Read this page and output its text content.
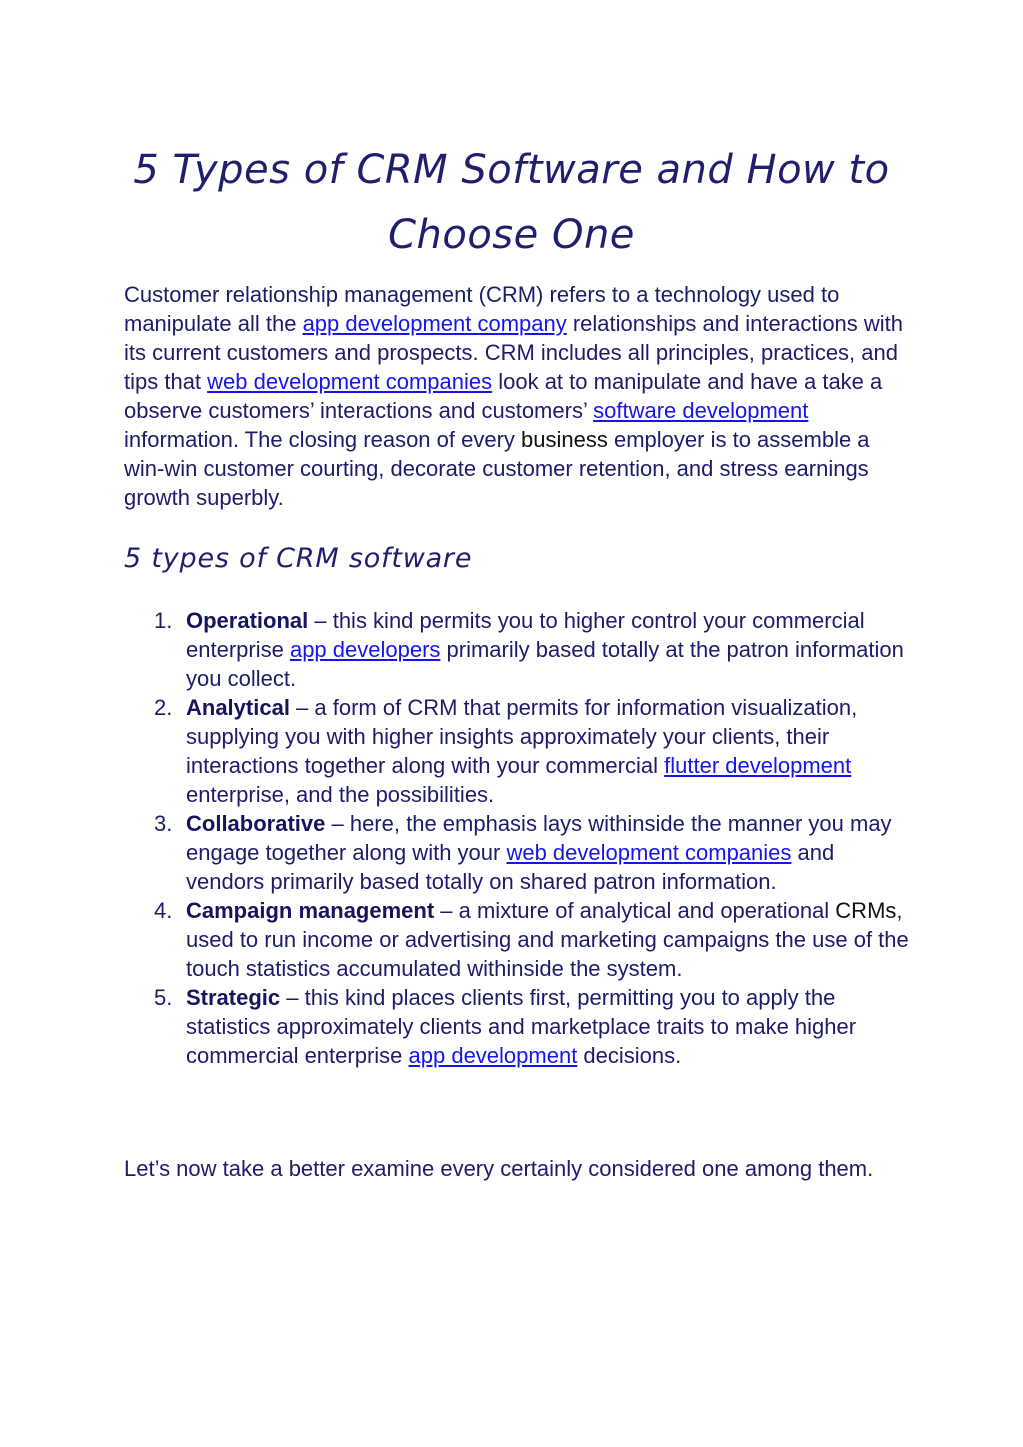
5 Types of CRM Software and How to
Choose One

Customer relationship management (CRM) refers to a technology used to manipulate all the app development company relationships and interactions with its current customers and prospects. CRM includes all principles, practices, and tips that web development companies look at to manipulate and have a take a observe customers’ interactions and customers’ software development information. The closing reason of every business employer is to assemble a win-win customer courting, decorate customer retention, and stress earnings growth superbly.

5 types of CRM software
1. Operational – this kind permits you to higher control your commercial enterprise app developers primarily based totally at the patron information you collect.
2. Analytical – a form of CRM that permits for information visualization, supplying you with higher insights approximately your clients, their interactions together along with your commercial flutter development enterprise, and the possibilities.
3. Collaborative – here, the emphasis lays withinside the manner you may engage together along with your web development companies and vendors primarily based totally on shared patron information.
4. Campaign management – a mixture of analytical and operational CRMs, used to run income or advertising and marketing campaigns the use of the touch statistics accumulated withinside the system.
5. Strategic – this kind places clients first, permitting you to apply the statistics approximately clients and marketplace traits to make higher commercial enterprise app development decisions.

Let’s now take a better examine every certainly considered one among them.
